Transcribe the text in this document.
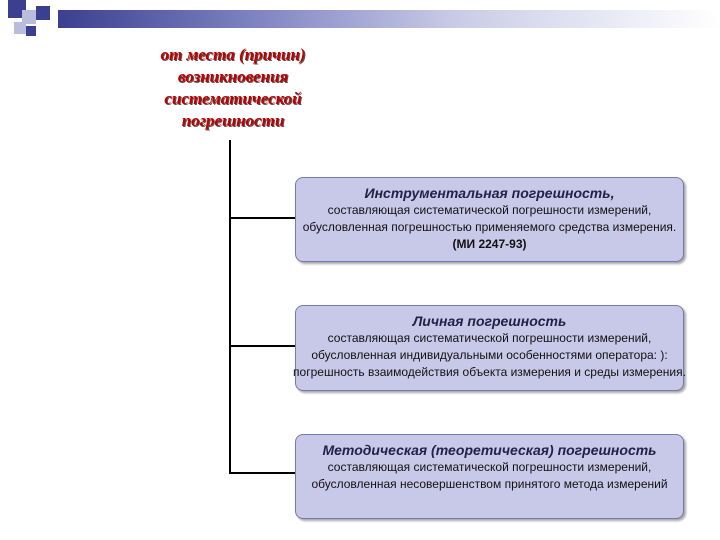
от места (причин) возникновения систематической погрешности
Инструментальная погрешность,
составляющая систематической погрешности измерений, обусловленная погрешностью применяемого средства измерения. (МИ 2247-93)
Личная погрешность
составляющая систематической погрешности измерений, обусловленная индивидуальными особенностями оператора: ): погрешность взаимодействия объекта измерения и среды измерения.
Методическая (теоретическая) погрешность
составляющая систематической погрешности измерений, обусловленная несовершенством принятого метода измерений
